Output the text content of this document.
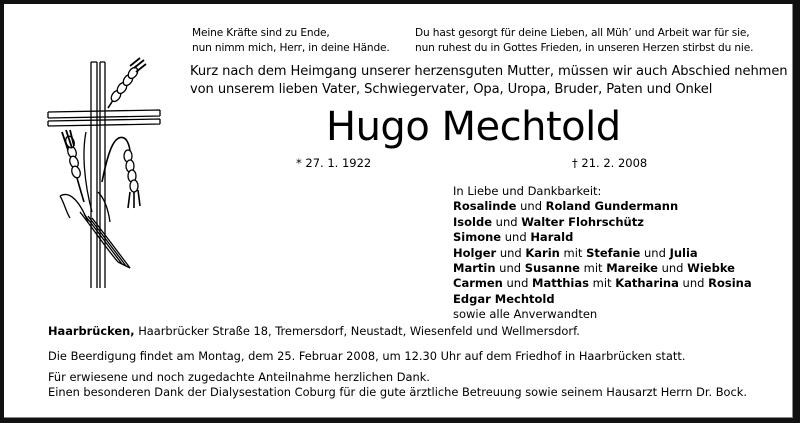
Meine Kräfte sind zu Ende,
nun nimm mich, Herr, in deine Hände.
Du hast gesorgt für deine Lieben, all Müh’ und Arbeit war für sie,
nun ruhest du in Gottes Frieden, in unseren Herzen stirbst du nie.
Kurz nach dem Heimgang unserer herzensguten Mutter, müssen wir auch Abschied nehmen
von unserem lieben Vater, Schwiegervater, Opa, Uropa, Bruder, Paten und Onkel
Hugo Mechtold
* 27. 1. 1922	† 21. 2. 2008
In Liebe und Dankbarkeit:
Rosalinde und Roland Gundermann
Isolde und Walter Flohrschütz
Simone und Harald
Holger und Karin mit Stefanie und Julia
Martin und Susanne mit Mareike und Wiebke
Carmen und Matthias mit Katharina und Rosina
Edgar Mechtold
sowie alle Anverwandten
Haarbrücken, Haarbrücker Straße 18, Tremersdorf, Neustadt, Wiesenfeld und Wellmersdorf.
Die Beerdigung findet am Montag, dem 25. Februar 2008, um 12.30 Uhr auf dem Friedhof in Haarbrücken statt.
Für erwiesene und noch zugedachte Anteilnahme herzlichen Dank.
Einen besonderen Dank der Dialysestation Coburg für die gute ärztliche Betreuung sowie seinem Hausarzt Herrn Dr. Bock.
